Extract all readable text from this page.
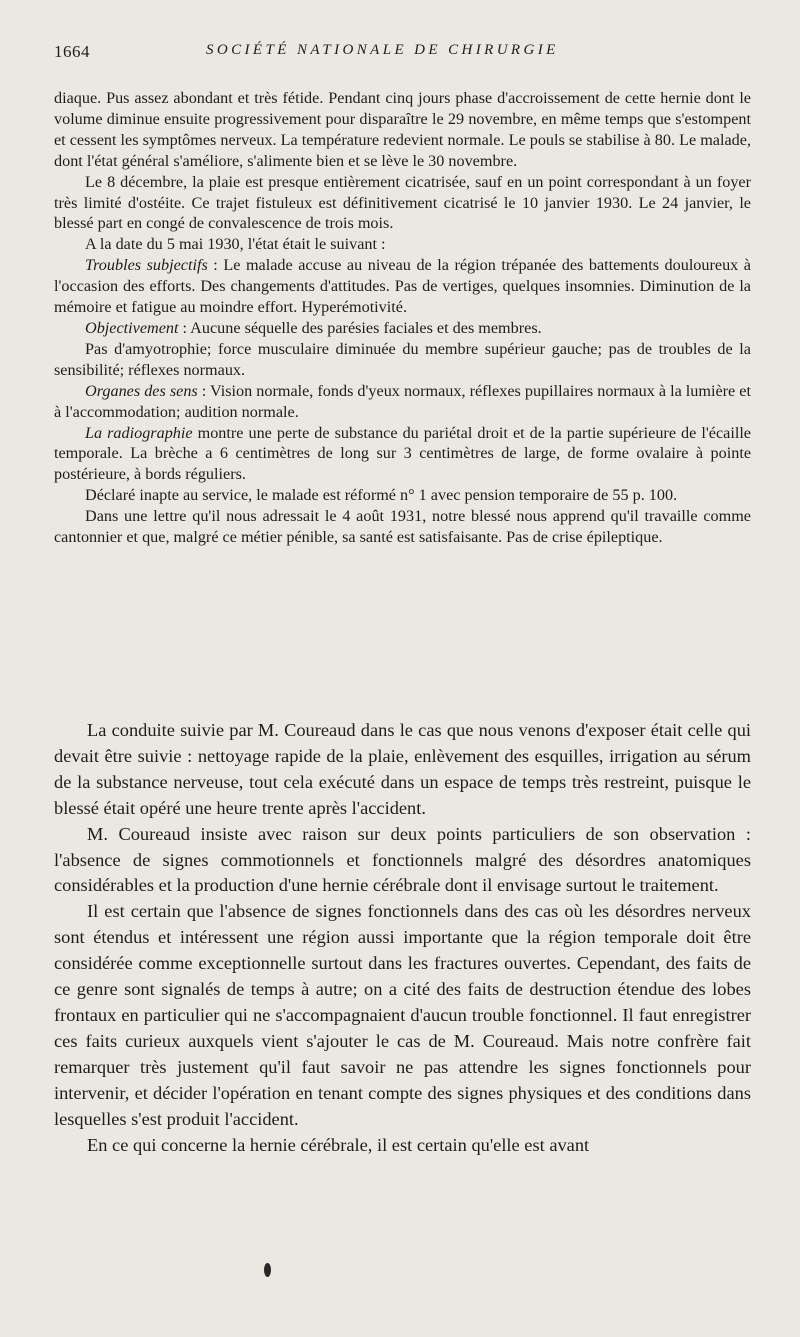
1664	SOCIÉTÉ NATIONALE DE CHIRURGIE

diaque. Pus assez abondant et très fétide. Pendant cinq jours phase d'accroissement de cette hernie dont le volume diminue ensuite progressivement pour disparaître le 29 novembre, en même temps que s'estompent et cessent les symptômes nerveux. La température redevient normale. Le pouls se stabilise à 80. Le malade, dont l'état général s'améliore, s'alimente bien et se lève le 30 novembre.

Le 8 décembre, la plaie est presque entièrement cicatrisée, sauf en un point correspondant à un foyer très limité d'ostéite. Ce trajet fistuleux est définitivement cicatrisé le 10 janvier 1930. Le 24 janvier, le blessé part en congé de convalescence de trois mois.

A la date du 5 mai 1930, l'état était le suivant :

Troubles subjectifs : Le malade accuse au niveau de la région trépanée des battements douloureux à l'occasion des efforts. Des changements d'attitudes. Pas de vertiges, quelques insomnies. Diminution de la mémoire et fatigue au moindre effort. Hyperémotivité.

Objectivement : Aucune séquelle des parésies faciales et des membres.

Pas d'amyotrophie; force musculaire diminuée du membre supérieur gauche; pas de troubles de la sensibilité; réflexes normaux.

Organes des sens : Vision normale, fonds d'yeux normaux, réflexes pupillaires normaux à la lumière et à l'accommodation; audition normale.

La radiographie montre une perte de substance du pariétal droit et de la partie supérieure de l'écaille temporale. La brèche a 6 centimètres de long sur 3 centimètres de large, de forme ovalaire à pointe postérieure, à bords réguliers.

Déclaré inapte au service, le malade est réformé n° 1 avec pension temporaire de 55 p. 100.

Dans une lettre qu'il nous adressait le 4 août 1931, notre blessé nous apprend qu'il travaille comme cantonnier et que, malgré ce métier pénible, sa santé est satisfaisante. Pas de crise épileptique.

La conduite suivie par M. Coureaud dans le cas que nous venons d'exposer était celle qui devait être suivie : nettoyage rapide de la plaie, enlèvement des esquilles, irrigation au sérum de la substance nerveuse, tout cela exécuté dans un espace de temps très restreint, puisque le blessé était opéré une heure trente après l'accident.

M. Coureaud insiste avec raison sur deux points particuliers de son observation : l'absence de signes commotionnels et fonctionnels malgré des désordres anatomiques considérables et la production d'une hernie cérébrale dont il envisage surtout le traitement.

Il est certain que l'absence de signes fonctionnels dans des cas où les désordres nerveux sont étendus et intéressent une région aussi importante que la région temporale doit être considérée comme exceptionnelle surtout dans les fractures ouvertes. Cependant, des faits de ce genre sont signalés de temps à autre; on a cité des faits de destruction étendue des lobes frontaux en particulier qui ne s'accompagnaient d'aucun trouble fonctionnel. Il faut enregistrer ces faits curieux auxquels vient s'ajouter le cas de M. Coureaud. Mais notre confrère fait remarquer très justement qu'il faut savoir ne pas attendre les signes fonctionnels pour intervenir, et décider l'opération en tenant compte des signes physiques et des conditions dans lesquelles s'est produit l'accident.

En ce qui concerne la hernie cérébrale, il est certain qu'elle est avant
